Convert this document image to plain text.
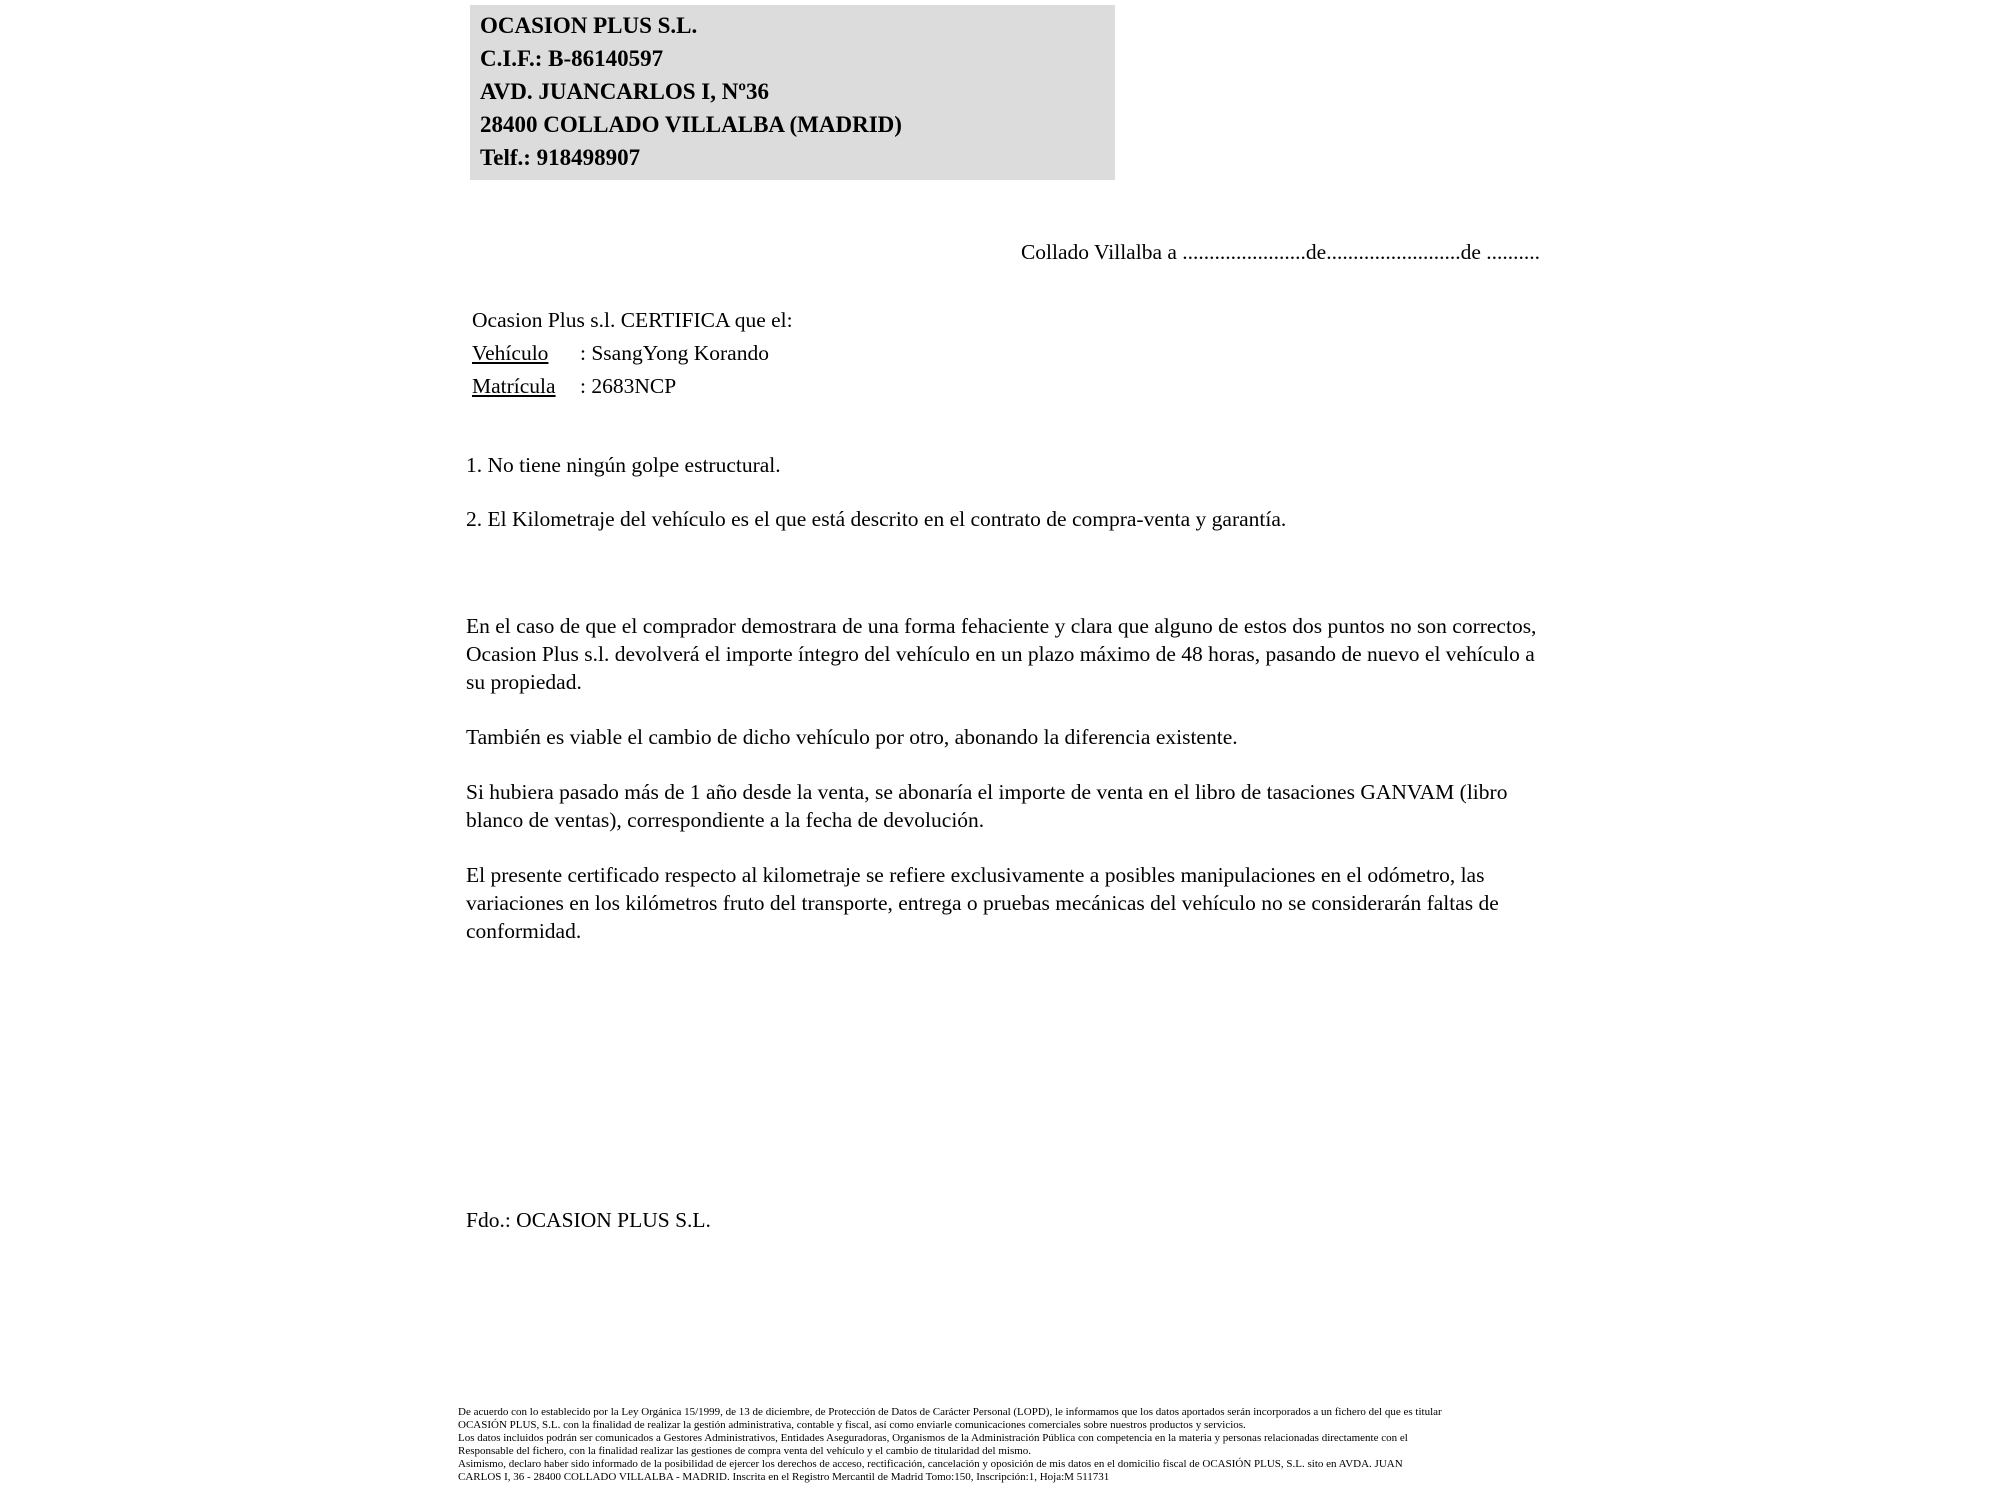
OCASION PLUS S.L.
C.I.F.: B-86140597
AVD. JUANCARLOS I, Nº36
28400 COLLADO VILLALBA (MADRID)
Telf.: 918498907
Collado Villalba a .......................de.........................de ..........
Ocasion Plus s.l. CERTIFICA que el:
Vehículo : SsangYong Korando
Matrícula : 2683NCP
1. No tiene ningún golpe estructural.
2. El Kilometraje del vehículo es el que está descrito en el contrato de compra-venta y garantía.
En el caso de que el comprador demostrara de una forma fehaciente y clara que alguno de estos dos puntos no son correctos, Ocasion Plus s.l. devolverá el importe íntegro del vehículo en un plazo máximo de 48 horas, pasando de nuevo el vehículo a su propiedad.
También es viable el cambio de dicho vehículo por otro, abonando la diferencia existente.
Si hubiera pasado más de 1 año desde la venta, se abonaría el importe de venta en el libro de tasaciones GANVAM (libro blanco de ventas), correspondiente a la fecha de devolución.
El presente certificado respecto al kilometraje se refiere exclusivamente a posibles manipulaciones en el odómetro, las variaciones en los kilómetros fruto del transporte, entrega o pruebas mecánicas del vehículo no se considerarán faltas de conformidad.
Fdo.: OCASION PLUS S.L.
De acuerdo con lo establecido por la Ley Orgánica 15/1999, de 13 de diciembre, de Protección de Datos de Carácter Personal (LOPD), le informamos que los datos aportados serán incorporados a un fichero del que es titular
OCASIÓN PLUS, S.L. con la finalidad de realizar la gestión administrativa, contable y fiscal, así como enviarle comunicaciones comerciales sobre nuestros productos y servicios.
Los datos incluidos podrán ser comunicados a Gestores Administrativos, Entidades Aseguradoras, Organismos de la Administración Pública con competencia en la materia y personas relacionadas directamente con el
Responsable del fichero, con la finalidad realizar las gestiones de compra venta del vehículo y el cambio de titularidad del mismo.
Asimismo, declaro haber sido informado de la posibilidad de ejercer los derechos de acceso, rectificación, cancelación y oposición de mis datos en el domicilio fiscal de OCASIÓN PLUS, S.L. sito en AVDA. JUAN
CARLOS I, 36 - 28400 COLLADO VILLALBA - MADRID. Inscrita en el Registro Mercantil de Madrid Tomo:150, Inscripción:1, Hoja:M 511731
